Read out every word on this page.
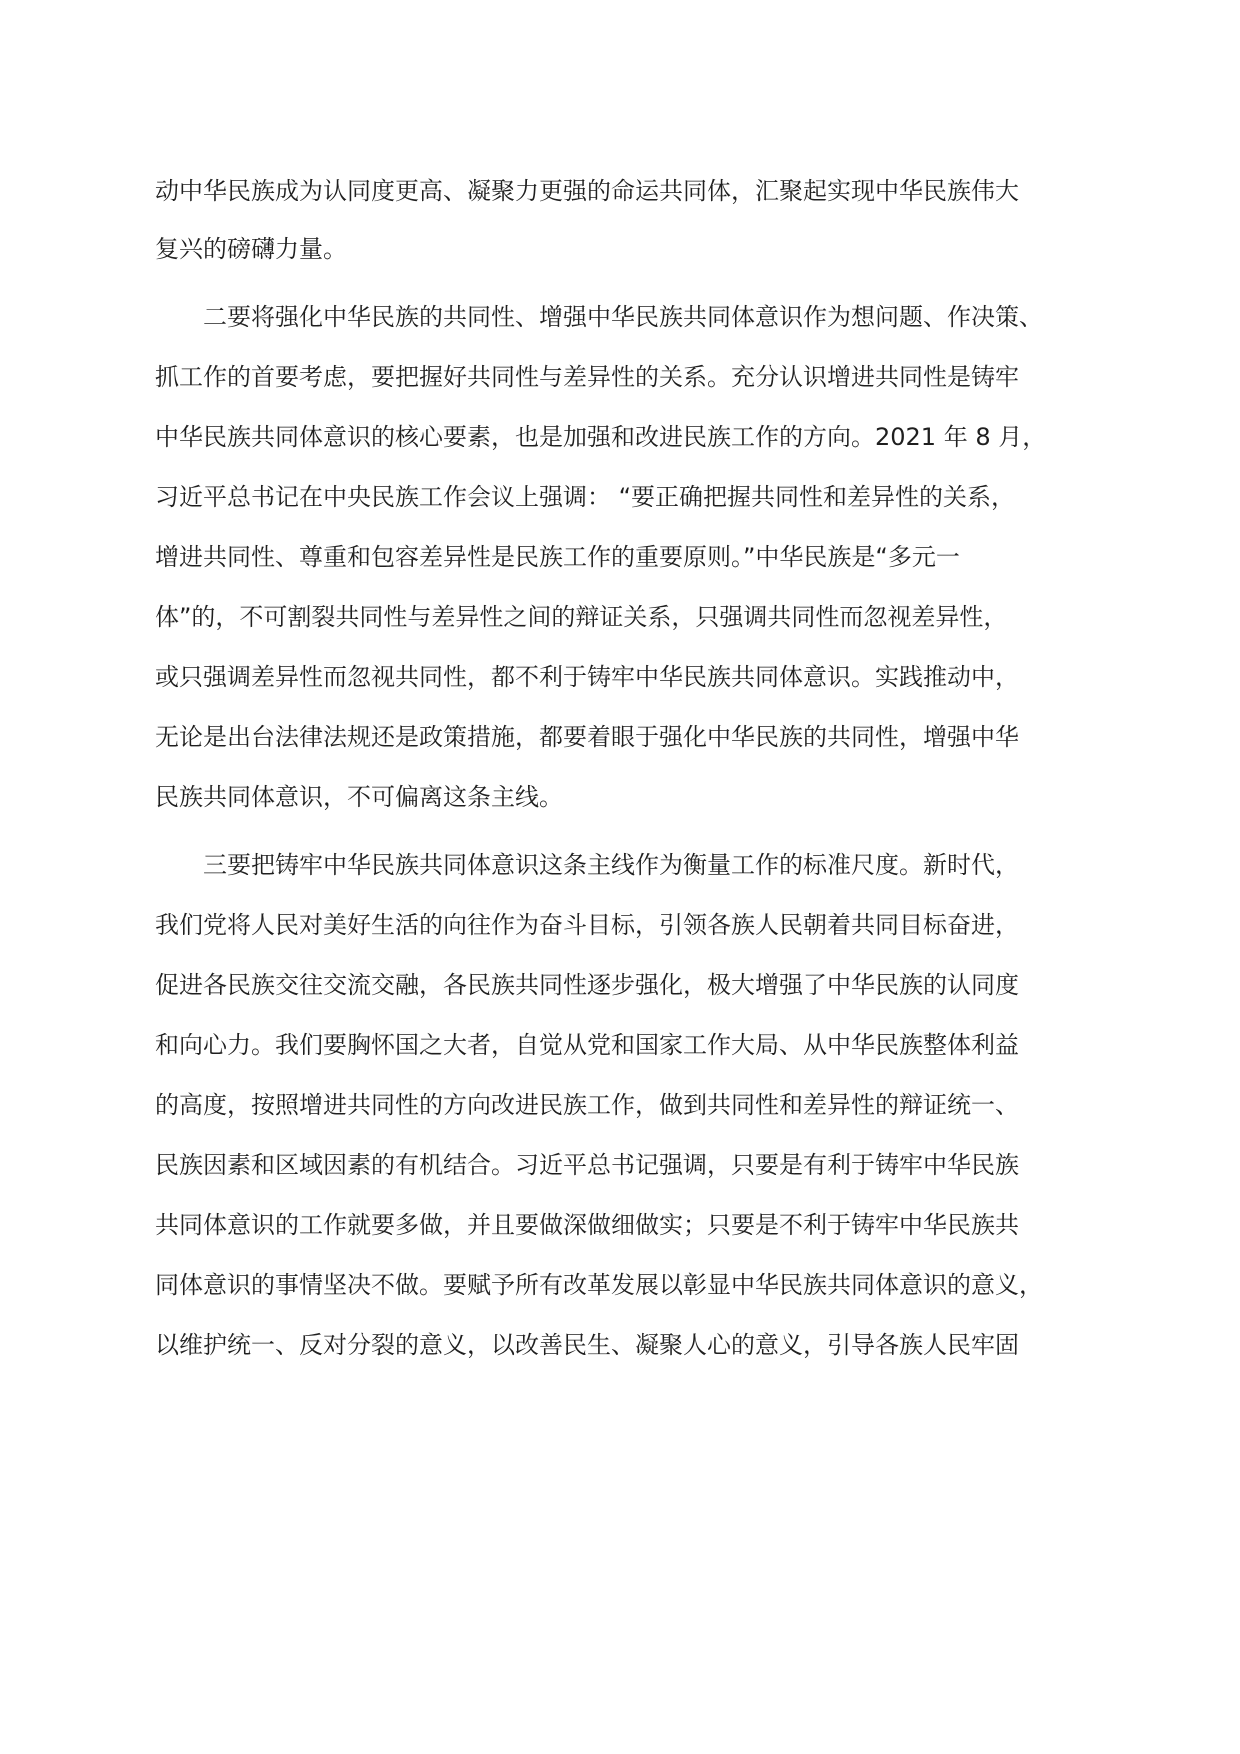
动中华民族成为认同度更高、凝聚力更强的命运共同体，汇聚起实现中华民族伟大
复兴的磅礴力量。
二要将强化中华民族的共同性、增强中华民族共同体意识作为想问题、作决策、
抓工作的首要考虑，要把握好共同性与差异性的关系。充分认识增进共同性是铸牢
中华民族共同体意识的核心要素，也是加强和改进民族工作的方向。2021 年 8 月，
习近平总书记在中央民族工作会议上强调： “要正确把握共同性和差异性的关系，
增进共同性、尊重和包容差异性是民族工作的重要原则。”中华民族是“多元一
体”的，不可割裂共同性与差异性之间的辩证关系，只强调共同性而忽视差异性，
或只强调差异性而忽视共同性，都不利于铸牢中华民族共同体意识。实践推动中，
无论是出台法律法规还是政策措施，都要着眼于强化中华民族的共同性，增强中华
民族共同体意识，不可偏离这条主线。
三要把铸牢中华民族共同体意识这条主线作为衡量工作的标准尺度。新时代，
我们党将人民对美好生活的向往作为奋斗目标，引领各族人民朝着共同目标奋进，
促进各民族交往交流交融，各民族共同性逐步强化，极大增强了中华民族的认同度
和向心力。我们要胸怀国之大者，自觉从党和国家工作大局、从中华民族整体利益
的高度，按照增进共同性的方向改进民族工作，做到共同性和差异性的辩证统一、
民族因素和区域因素的有机结合。习近平总书记强调，只要是有利于铸牢中华民族
共同体意识的工作就要多做，并且要做深做细做实；只要是不利于铸牢中华民族共
同体意识的事情坚决不做。要赋予所有改革发展以彰显中华民族共同体意识的意义，
以维护统一、反对分裂的意义，以改善民生、凝聚人心的意义，引导各族人民牢固
